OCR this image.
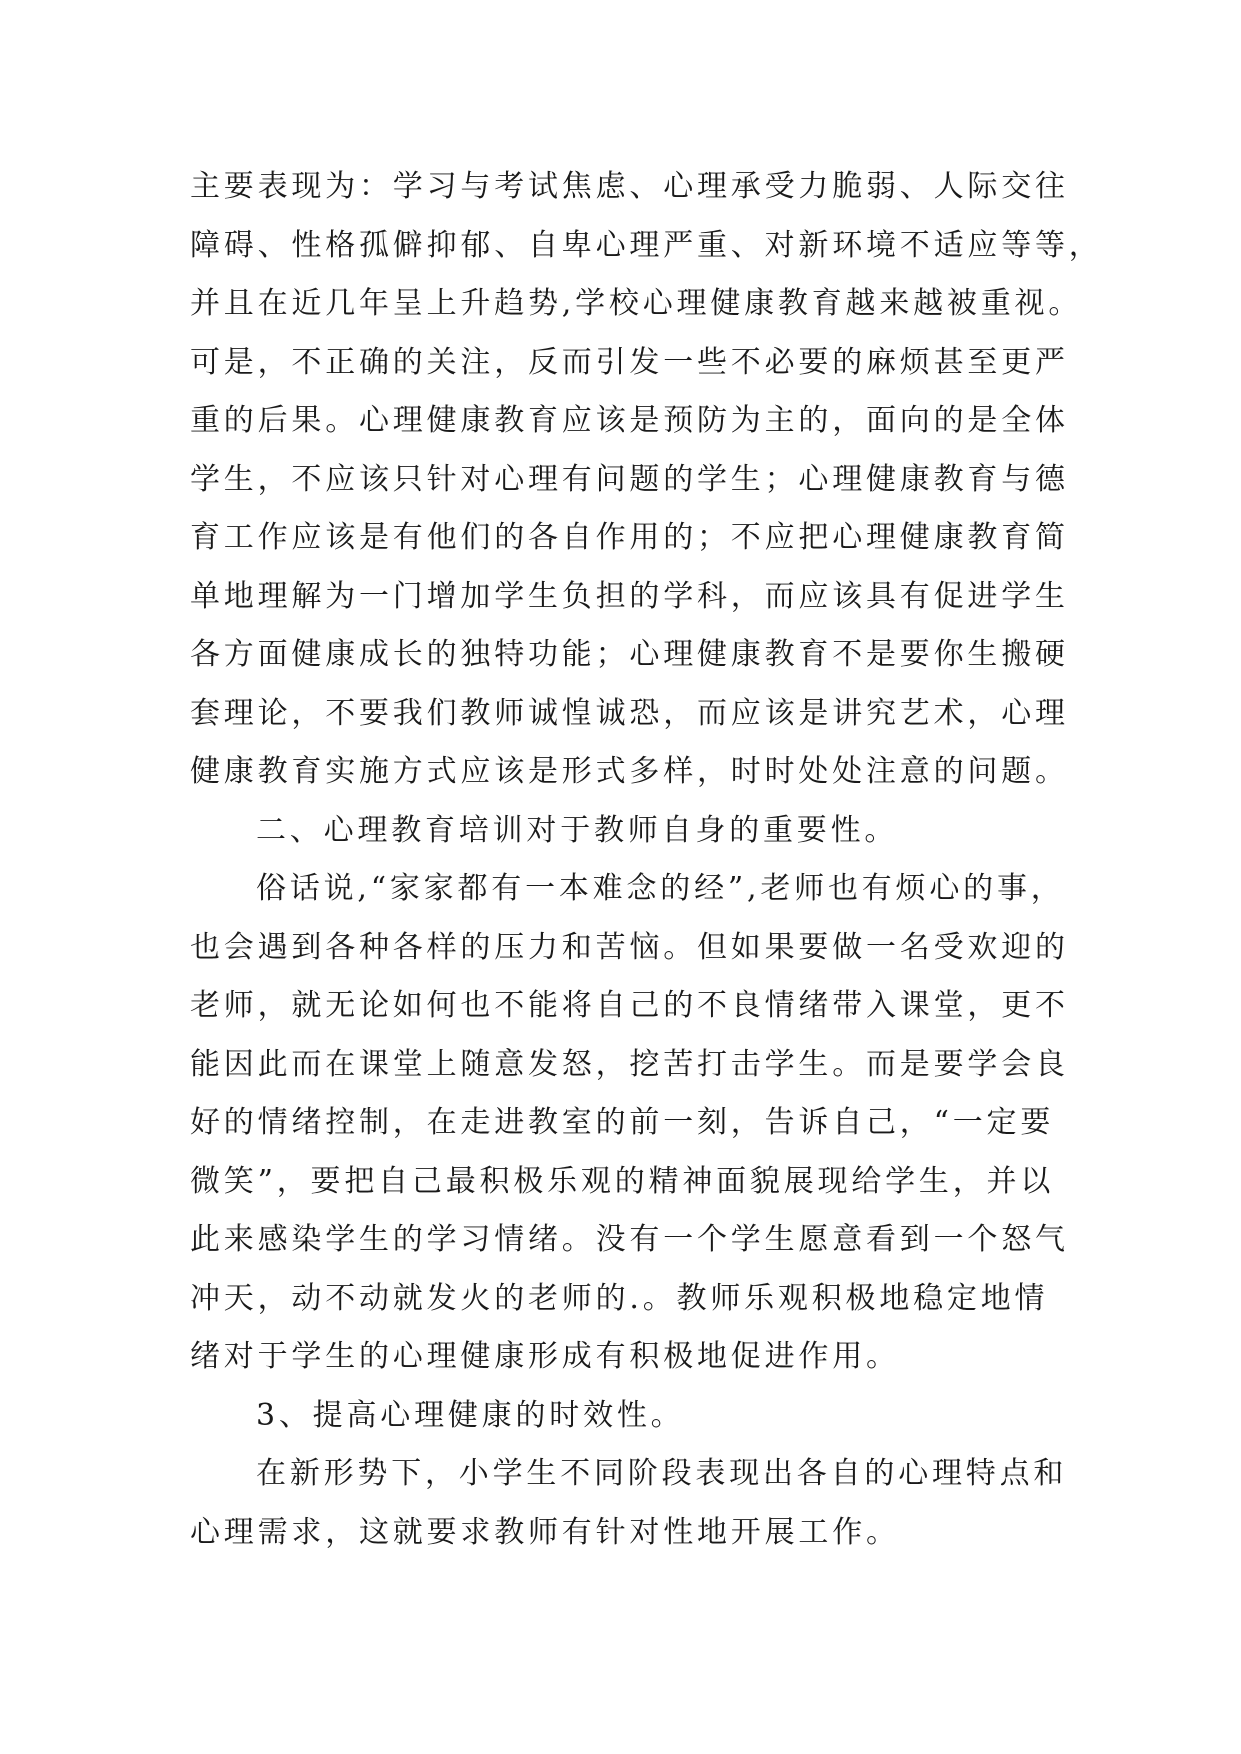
主要表现为：学习与考试焦虑、心理承受力脆弱、人际交往
障碍、性格孤僻抑郁、自卑心理严重、对新环境不适应等等，
并且在近几年呈上升趋势,学校心理健康教育越来越被重视。
可是，不正确的关注，反而引发一些不必要的麻烦甚至更严
重的后果。心理健康教育应该是预防为主的，面向的是全体
学生，不应该只针对心理有问题的学生；心理健康教育与德
育工作应该是有他们的各自作用的；不应把心理健康教育简
单地理解为一门增加学生负担的学科，而应该具有促进学生
各方面健康成长的独特功能；心理健康教育不是要你生搬硬
套理论，不要我们教师诚惶诚恐，而应该是讲究艺术，心理
健康教育实施方式应该是形式多样，时时处处注意的问题。
二、心理教育培训对于教师自身的重要性。
俗话说,“家家都有一本难念的经”,老师也有烦心的事，
也会遇到各种各样的压力和苦恼。但如果要做一名受欢迎的
老师，就无论如何也不能将自己的不良情绪带入课堂，更不
能因此而在课堂上随意发怒，挖苦打击学生。而是要学会良
好的情绪控制，在走进教室的前一刻，告诉自己，“一定要
微笑”，要把自己最积极乐观的精神面貌展现给学生，并以
此来感染学生的学习情绪。没有一个学生愿意看到一个怒气
冲天，动不动就发火的老师的.。教师乐观积极地稳定地情
绪对于学生的心理健康形成有积极地促进作用。
3、提高心理健康的时效性。
在新形势下，小学生不同阶段表现出各自的心理特点和
心理需求，这就要求教师有针对性地开展工作。
